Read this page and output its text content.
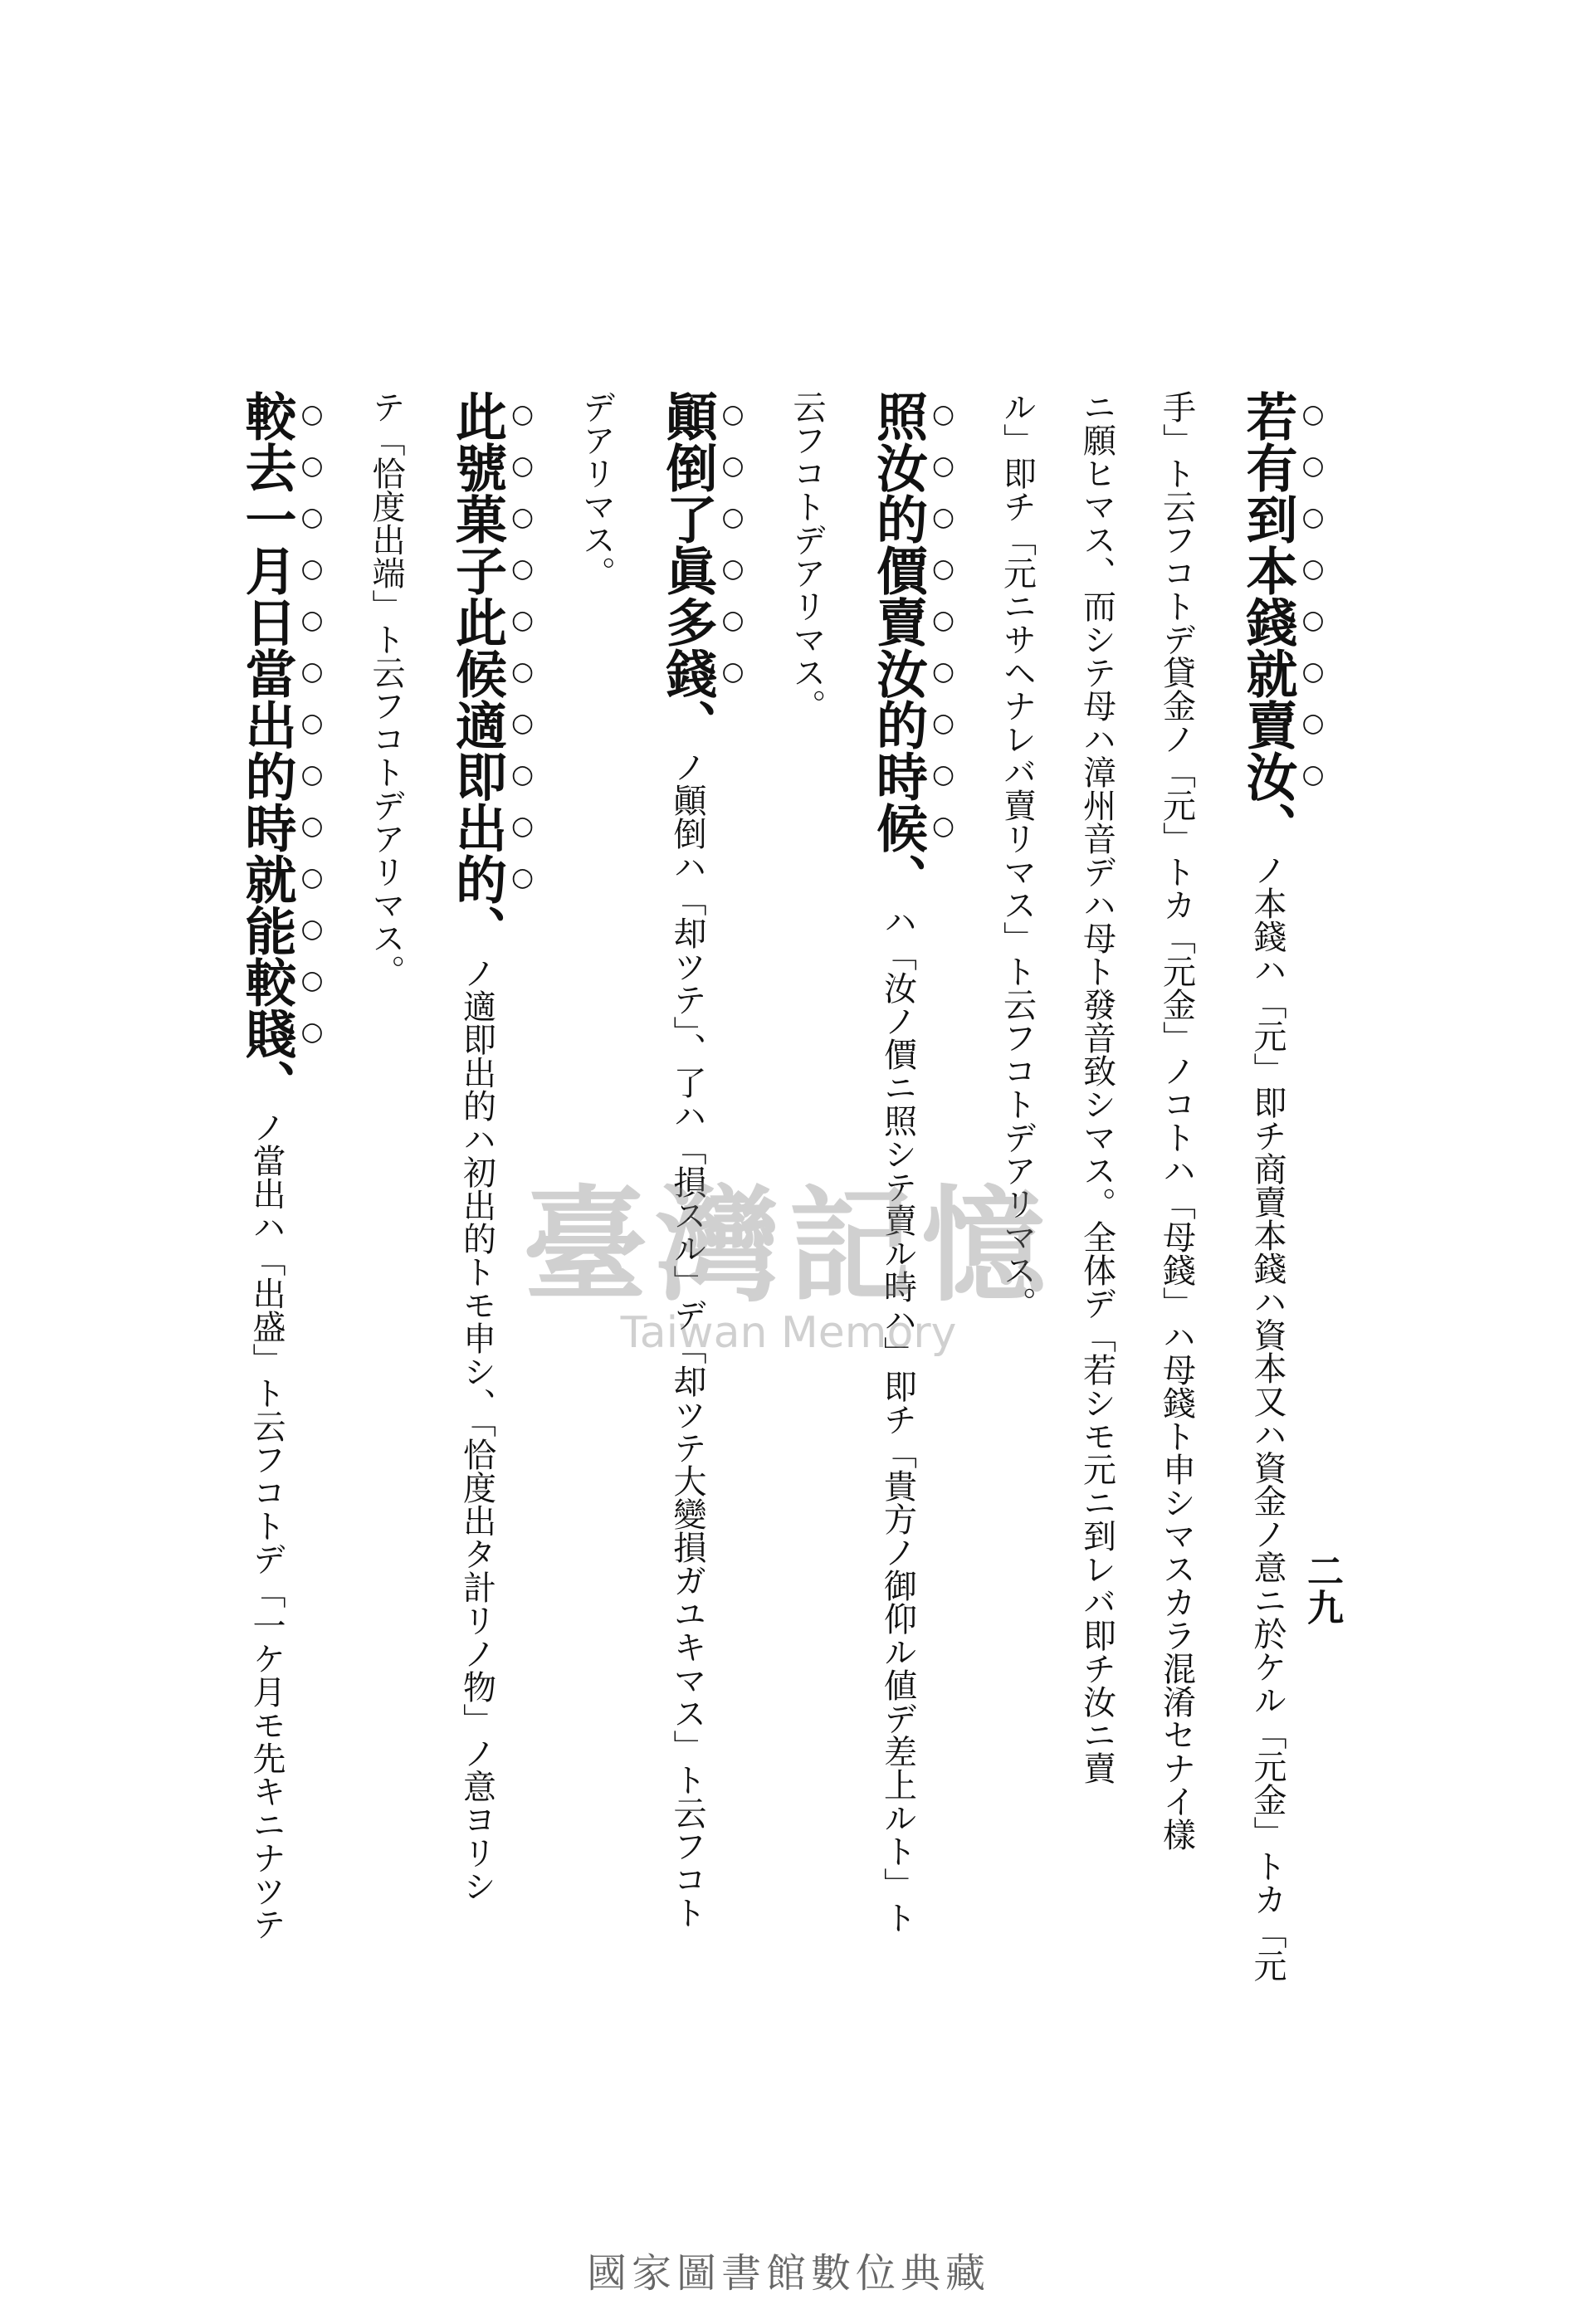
若有到本錢就賣汝、ノ本錢ハ「元」即チ商賣本錢ハ資本又ハ資金ノ意ニ於ケル「元金」トカ「元
手」ト云フコトデ貸金ノ「元」トカ「元金」ノコトハ「母錢」ハ母錢ト申シマスカラ混淆セナイ樣
ニ願ヒマス、而シテ母ハ漳州音デハ母ト發音致シマス。全体デ「若シモ元ニ到レバ即チ汝ニ賣
ル」即チ「元ニサヘナレバ賣リマス」ト云フコトデアリマス。
照汝的價賣汝的時候、ハ「汝ノ價ニ照シテ賣ル時ハ」即チ「貴方ノ御仰ル値デ差上ルト」ト
云フコトデアリマス。
顚倒了眞多錢、ノ顚倒ハ「却ツテ」、了ハ「損スル」デ「却ツテ大變損ガユキマス」ト云フコト
デアリマス。
此號菓子此候適即出的、ノ適即出的ハ初出的トモ申シ、「恰度出タ計リノ物」ノ意ヨリシ
テ「恰度出端」ト云フコトデアリマス。
較去一月日當出的時就能較賤、ノ當出ハ「出盛」ト云フコトデ「一ケ月モ先キニナツテ	二九
臺灣記憶
Taiwan Memory
國家圖書館數位典藏
